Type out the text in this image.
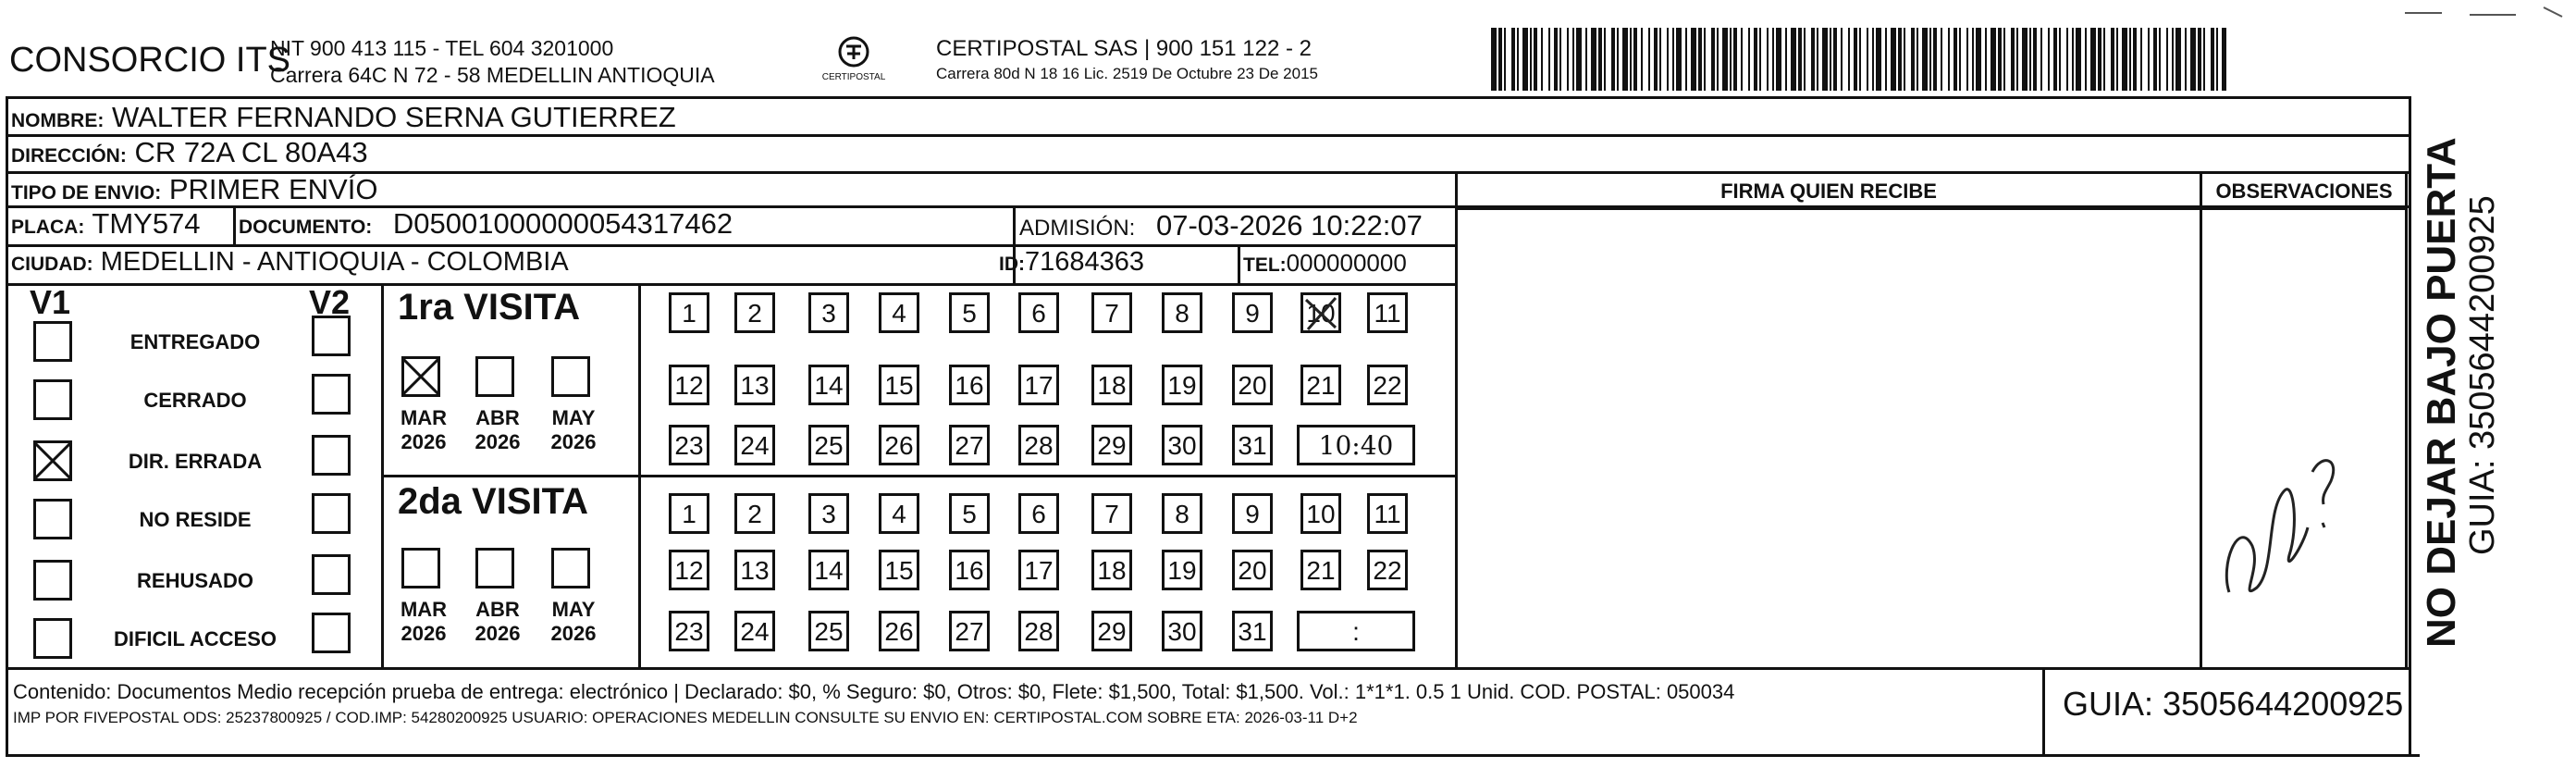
CONSORCIO ITS
NIT 900 413 115 - TEL 604 3201000
Carrera 64C N 72 - 58 MEDELLIN ANTIOQUIA	CERTIPOSTAL
CERTIPOSTAL SAS | 900 151 122 - 2
Carrera 80d N 18 16 Lic. 2519 De Octubre 23 De 2015
NOMBRE: WALTER FERNANDO SERNA GUTIERREZ
DIRECCIÓN: CR 72A CL 80A43
TIPO DE ENVIO: PRIMER ENVÍO
PLACA: TMY574 DOCUMENTO: D05001000000054317462	ADMISIÓN: 07-03-2026 10:22:07
CIUDAD: MEDELLIN - ANTIOQUIA - COLOMBIA	ID:71684363	TEL:000000000
FIRMA QUIEN RECIBE	OBSERVACIONES NO DEJAR BAJO PUERTA GUIA: 3505644200925
V1	V2
ENTREGADO
CERRADO
DIR. ERRADA
NO RESIDE
REHUSADO
DIFICIL ACCESO
1ra VISITA
2da VISITA
MAR
2026
ABR
2026
MAY
2026
MAR
2026
ABR
2026
MAY
2026
1	2	3	4	5	6	7	8	9	10 11
12 13 14 15 16 17 18 19 20 21 22
23 24 25 26 27 28 29 30 31	10:40
1	2	3	4	5	6	7	8	9	10 11
12 13 14 15 16 17 18 19 20 21 22
23 24 25 26 27 28 29 30 31	:
Contenido: Documentos Medio recepción prueba de entrega: electrónico | Declarado: $0, % Seguro: $0, Otros: $0, Flete: $1,500, Total: $1,500. Vol.: 1*1*1. 0.5 1 Unid. COD. POSTAL: 050034
IMP POR FIVEPOSTAL ODS: 25237800925 / COD.IMP: 54280200925 USUARIO: OPERACIONES MEDELLIN CONSULTE SU ENVIO EN: CERTIPOSTAL.COM SOBRE ETA: 2026-03-11 D+2	GUIA: 3505644200925
